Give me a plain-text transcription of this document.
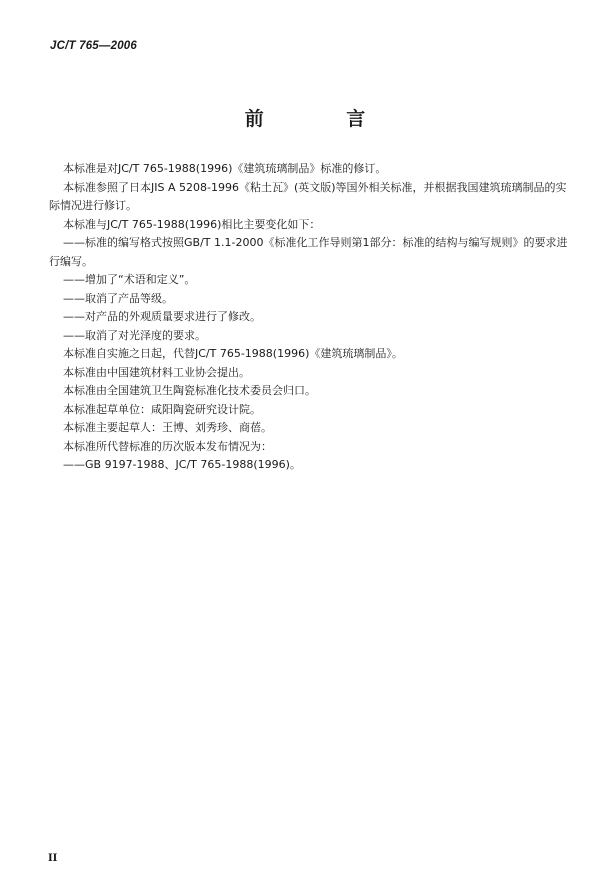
JC/T 765—2006
前 言

本标准是对JC/T 765-1988(1996)《建筑琉璃制品》标准的修订。

本标准参照了日本JIS A 5208-1996《粘土瓦》(英文版)等国外相关标准，并根据我国建筑琉璃制品的实际情况进行修订。

本标准与JC/T 765-1988(1996)相比主要变化如下：

——标准的编写格式按照GB/T 1.1-2000《标准化工作导则第1部分：标准的结构与编写规则》的要求进行编写。

——增加了“术语和定义”。

——取消了产品等级。

——对产品的外观质量要求进行了修改。

——取消了对光泽度的要求。

本标准自实施之日起，代替JC/T 765-1988(1996)《建筑琉璃制品》。

本标准由中国建筑材料工业协会提出。

本标准由全国建筑卫生陶瓷标准化技术委员会归口。

本标准起草单位：咸阳陶瓷研究设计院。

本标准主要起草人：王博、刘秀珍、商蓓。

本标准所代替标准的历次版本发布情况为：

——GB 9197-1988、JC/T 765-1988(1996)。

II
